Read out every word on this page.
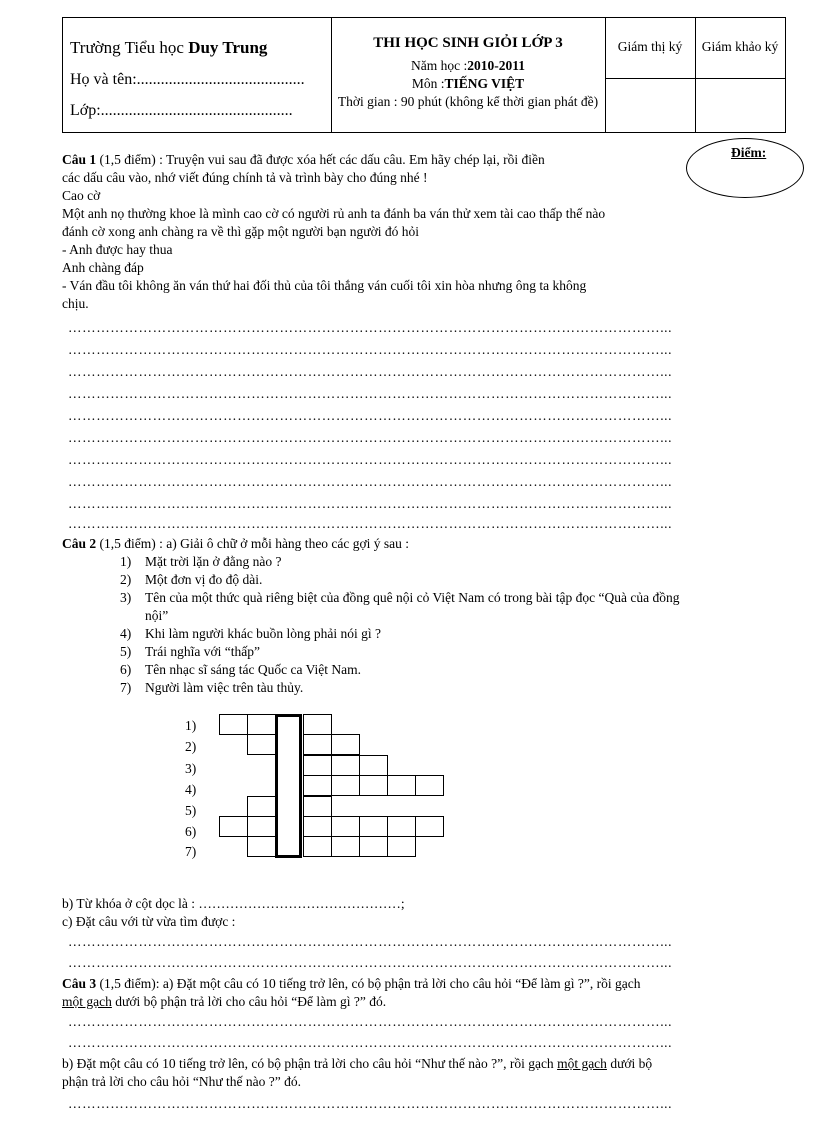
Trường Tiểu học Duy Trung
Họ và tên:..........................................
Lớp:................................................
THI HỌC SINH GIỎI LỚP 3
Năm học :2010-2011
Môn :TIẾNG VIỆT
Thời gian : 90 phút (không kể thời gian phát đề)
Giám thị ký	Giám khảo ký
Điểm:
Câu 1 (1,5 điểm) : Truyện vui sau đã được xóa hết các dấu câu. Em hãy chép lại, rồi điền
các dấu câu vào, nhớ viết đúng chính tả và trình bày cho đúng nhé !
Cao cờ
Một anh nọ thường khoe là mình cao cờ có người rủ anh ta đánh ba ván thử xem tài cao thấp thế nào
đánh cờ xong anh chàng ra về thì gặp một người bạn người đó hỏi
- Anh được hay thua
Anh chàng đáp
- Ván đầu tôi không ăn ván thứ hai đối thủ của tôi thắng ván cuối tôi xin hòa nhưng ông ta không
chịu.
………………………………………………………………………………………………………………...
………………………………………………………………………………………………………………...
………………………………………………………………………………………………………………...
………………………………………………………………………………………………………………...
………………………………………………………………………………………………………………...
………………………………………………………………………………………………………………...
………………………………………………………………………………………………………………...
………………………………………………………………………………………………………………...
………………………………………………………………………………………………………………...
………………………………………………………………………………………………………………...
Câu 2 (1,5 điểm) : a) Giải ô chữ ở mỗi hàng theo các gợi ý sau :
1) Mặt trời lặn ở đằng nào ?
2) Một đơn vị đo độ dài.
3) Tên của một thức quà riêng biệt của đồng quê nội cỏ Việt Nam có trong bài tập đọc “Quà của đồng
nội”
4) Khi làm người khác buồn lòng phải nói gì ?
5) Trái nghĩa với “thấp”
6) Tên nhạc sĩ sáng tác Quốc ca Việt Nam.
7) Người làm việc trên tàu thủy.
1)
2)
3)
4)
5)
6)
7)
b) Từ khóa ở cột dọc là : ………………………………………;
c) Đặt câu với từ vừa tìm được :
………………………………………………………………………………………………………………...
………………………………………………………………………………………………………………...
Câu 3 (1,5 điểm): a) Đặt một câu có 10 tiếng trở lên, có bộ phận trả lời cho câu hỏi “Để làm gì ?”, rồi gạch
một gạch dưới bộ phận trả lời cho câu hỏi “Để làm gì ?” đó.
………………………………………………………………………………………………………………...
………………………………………………………………………………………………………………...
b) Đặt một câu có 10 tiếng trở lên, có bộ phận trả lời cho câu hỏi “Như thế nào ?”, rồi gạch một gạch dưới bộ
phận trả lời cho câu hỏi “Như thế nào ?” đó.
………………………………………………………………………………………………………………...
